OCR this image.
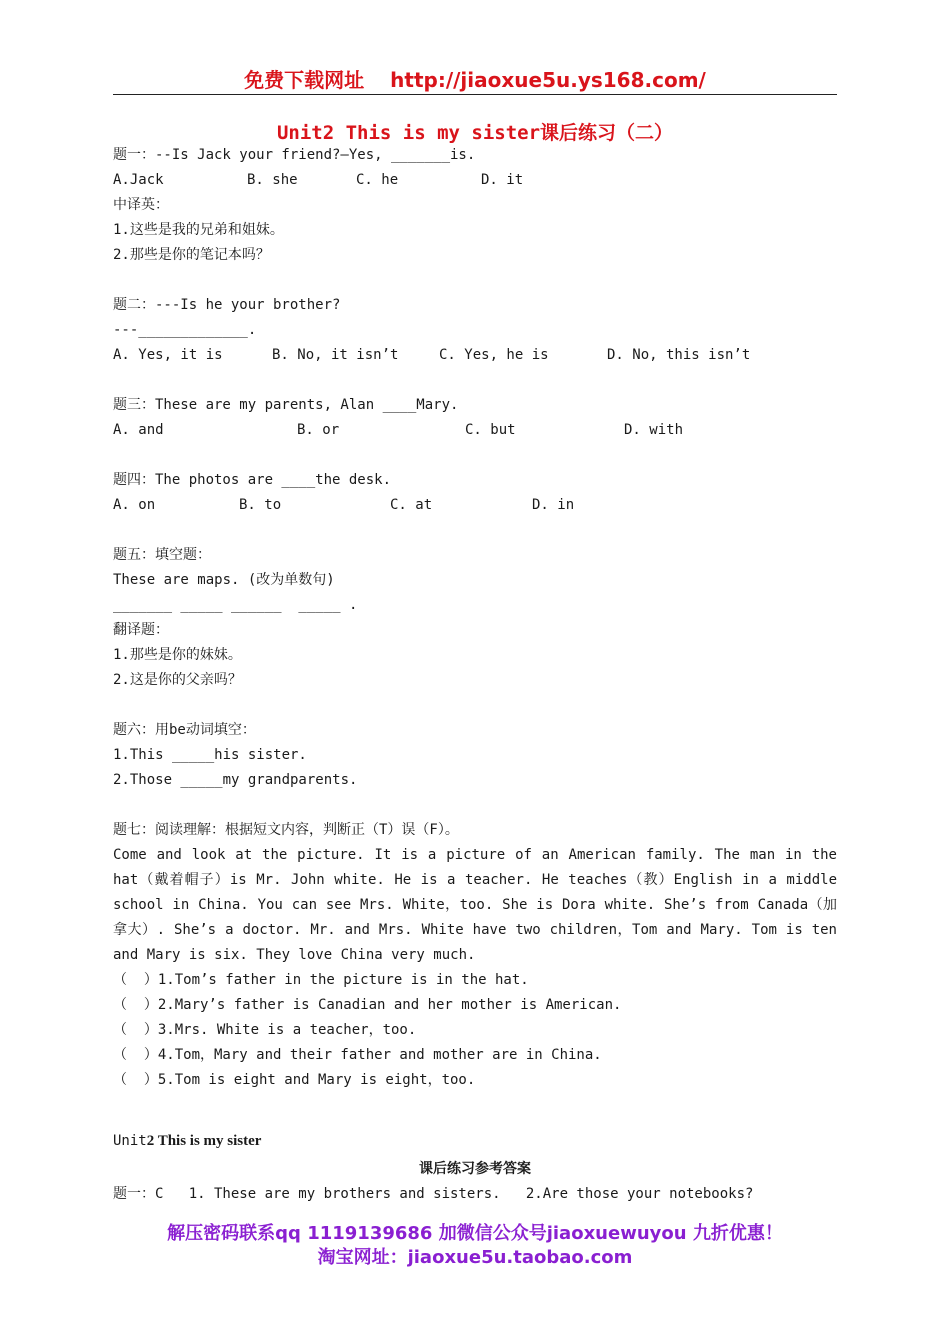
免费下载网址 http://jiaoxue5u.ys168.com/
Unit2 This is my sister课后练习（二）
题一：--Is Jack your friend?—Yes, _______is.
A.Jack	B. she	C. he	D. it
中译英：
1.这些是我的兄弟和姐妹。
2.那些是你的笔记本吗？
题二：---Is he your brother?
---_____________.
A. Yes, it is	B. No, it isn’t	C. Yes, he is	D. No, this isn’t
题三：These are my parents, Alan ____Mary.
A. and	B. or	C. but	D. with
题四：The photos are ____the desk.
A. on	B. to	C. at	D. in
题五：填空题：
These are maps. (改为单数句)
_______ _____ ______  _____ .
翻译题：
1.那些是你的妹妹。
2.这是你的父亲吗？
题六：用be动词填空：
1.This _____his sister.
2.Those _____my grandparents.
题七：阅读理解：根据短文内容，判断正（T）误（F）。
Come and look at the picture. It is a picture of an American family. The man in the
hat（戴着帽子）is Mr. John white. He is a teacher. He teaches（教）English in a middle
school in China. You can see Mrs. White，too. She is Dora white. She’s from Canada（加
拿大）. She’s a doctor. Mr. and Mrs. White have two children，Tom and Mary. Tom is ten
and Mary is six. They love China very much.
（  ）1.Tom’s father in the picture is in the hat.
（  ）2.Mary’s father is Canadian and her mother is American.
（  ）3.Mrs. White is a teacher，too.
（  ）4.Tom，Mary and their father and mother are in China.
（  ）5.Tom is eight and Mary is eight，too.
Unit2 This is my sister
课后练习参考答案
题一：C   1. These are my brothers and sisters.   2.Are those your notebooks?
解压密码联系qq 1119139686 加微信公众号jiaoxuewuyou 九折优惠！
淘宝网址：jiaoxue5u.taobao.com
